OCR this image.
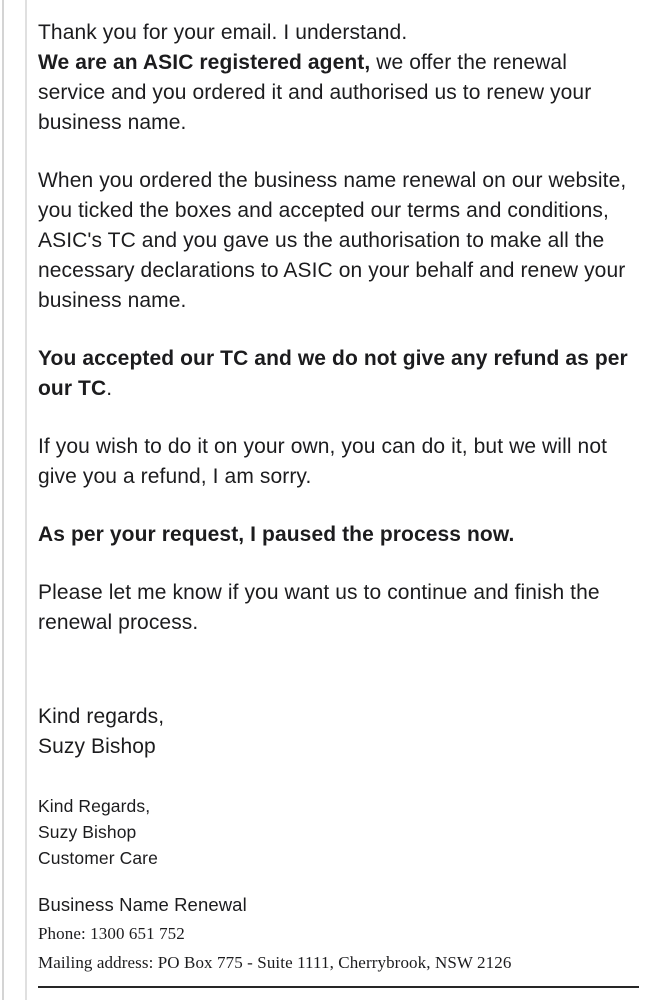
Thank you for your email. I understand.
We are an ASIC registered agent, we offer the renewal service and you ordered it and authorised us to renew your business name.

When you ordered the business name renewal on our website, you ticked the boxes and accepted our terms and conditions, ASIC's TC and you gave us the authorisation to make all the necessary declarations to ASIC on your behalf and renew your business name.

You accepted our TC and we do not give any refund as per our TC.

If you wish to do it on your own, you can do it, but we will not give you a refund, I am sorry.

As per your request, I paused the process now.

Please let me know if you want us to continue and finish the renewal process.

Kind regards,
Suzy Bishop

Kind Regards,
Suzy Bishop
Customer Care
Business Name Renewal
Phone: 1300 651 752
Mailing address: PO Box 775 - Suite 1111, Cherrybrook, NSW 2126
